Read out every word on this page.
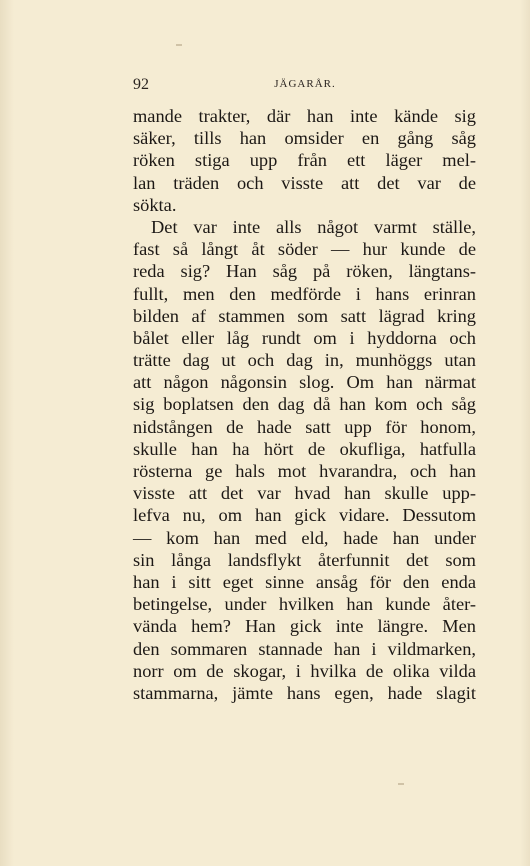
92	JÄGARÅR.
mande trakter, där han inte kände sig
säker, tills han omsider en gång såg
röken stiga upp från ett läger mel-
lan träden och visste att det var de
sökta.
Det var inte alls något varmt ställe,
fast så långt åt söder — hur kunde de
reda sig? Han såg på röken, längtans-
fullt, men den medförde i hans erinran
bilden af stammen som satt lägrad kring
bålet eller låg rundt om i hyddorna och
trätte dag ut och dag in, munhöggs utan
att någon någonsin slog. Om han närmat
sig boplatsen den dag då han kom och såg
nidstången de hade satt upp för honom,
skulle han ha hört de okufliga, hatfulla
rösterna ge hals mot hvarandra, och han
visste att det var hvad han skulle upp-
lefva nu, om han gick vidare. Dessutom
— kom han med eld, hade han under
sin långa landsflykt återfunnit det som
han i sitt eget sinne ansåg för den enda
betingelse, under hvilken han kunde åter-
vända hem? Han gick inte längre. Men
den sommaren stannade han i vildmarken,
norr om de skogar, i hvilka de olika vilda
stammarna, jämte hans egen, hade slagit
